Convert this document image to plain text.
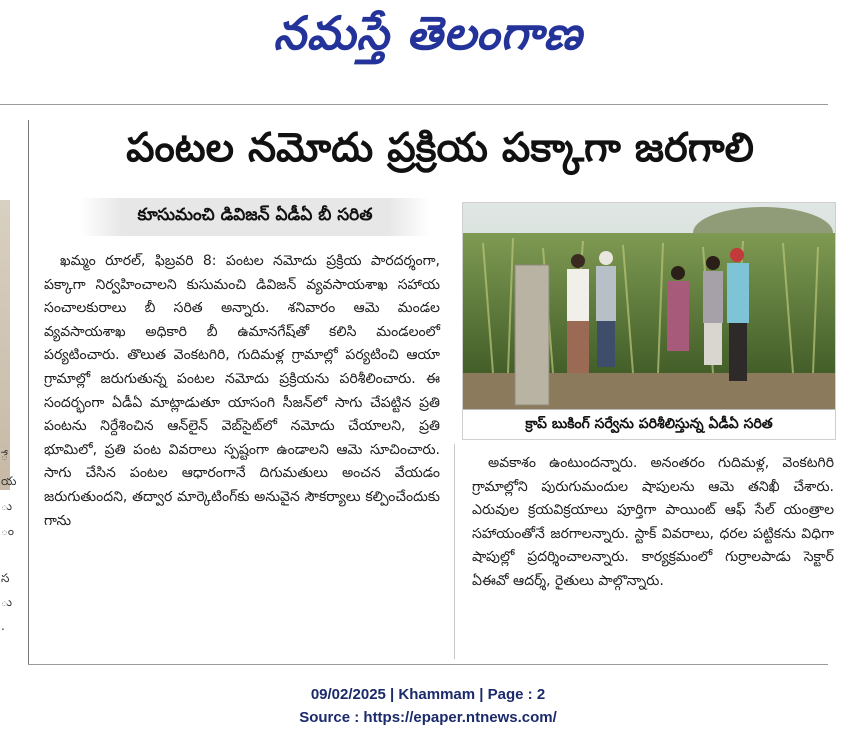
నమస్తే తెలంగాణ
ే
య
ు
ం
స
ు
.
పంటల నమోదు ప్రక్రియ పక్కాగా జరగాలి
కూసుమంచి డివిజన్ ఏడీఏ బీ సరిత

ఖమ్మం రూరల్, ఫిబ్రవరి 8: పంటల నమోదు ప్రక్రియ పారదర్శంగా, పక్కాగా నిర్వహించాలని కుసుమంచి డివిజన్ వ్యవసాయశాఖ సహాయ సంచాలకురాలు బీ సరిత అన్నారు. శనివారం ఆమె మండల వ్యవసాయశాఖ అధికారి బీ ఉమానగేష్‌తో కలిసి మండలంలో పర్యటించారు. తొలుత వెంకటగిరి, గుదిమళ్ల గ్రామాల్లో పర్యటించి ఆయా గ్రామాల్లో జరుగుతున్న పంటల నమోదు ప్రక్రియను పరిశీలించారు. ఈ సందర్భంగా ఏడీఏ మాట్లాడుతూ యాసంగి సీజన్‌లో సాగు చేపట్టిన ప్రతి పంటను నిర్దేశించిన ఆన్‌లైన్ వెబ్‌సైట్‌లో నమోదు చేయాలని, ప్రతి భూమిలో, ప్రతి పంట వివరాలు స్పష్టంగా ఉండాలని ఆమె సూచించారు. సాగు చేసిన పంటల ఆధారంగానే దిగుమతులు అంచన వేయడం జరుగుతుందని, తద్వార మార్కెటింగ్‌కు అనువైన సౌకర్యాలు కల్పించేందుకు గాను

క్రాప్ బుకింగ్ సర్వేను పరిశీలిస్తున్న ఏడీఏ సరిత

అవకాశం ఉంటుందన్నారు. అనంతరం గుదిమళ్ల, వెంకటగిరి గ్రామాల్లోని పురుగుమందుల షాపులను ఆమె తనిఖీ చేశారు. ఎరువుల క్రయవిక్రయాలు పూర్తిగా పాయింట్ ఆఫ్ సేల్ యంత్రాల సహాయంతోనే జరగాలన్నారు. స్టాక్ వివరాలు, ధరల పట్టికను విధిగా షాపుల్లో ప్రదర్శించాలన్నారు. కార్యక్రమంలో గుర్రాలపాడు సెక్టార్ ఏఈవో ఆదర్శ్, రైతులు పాల్గొన్నారు.

09/02/2025 | Khammam | Page : 2
Source : https://epaper.ntnews.com/
